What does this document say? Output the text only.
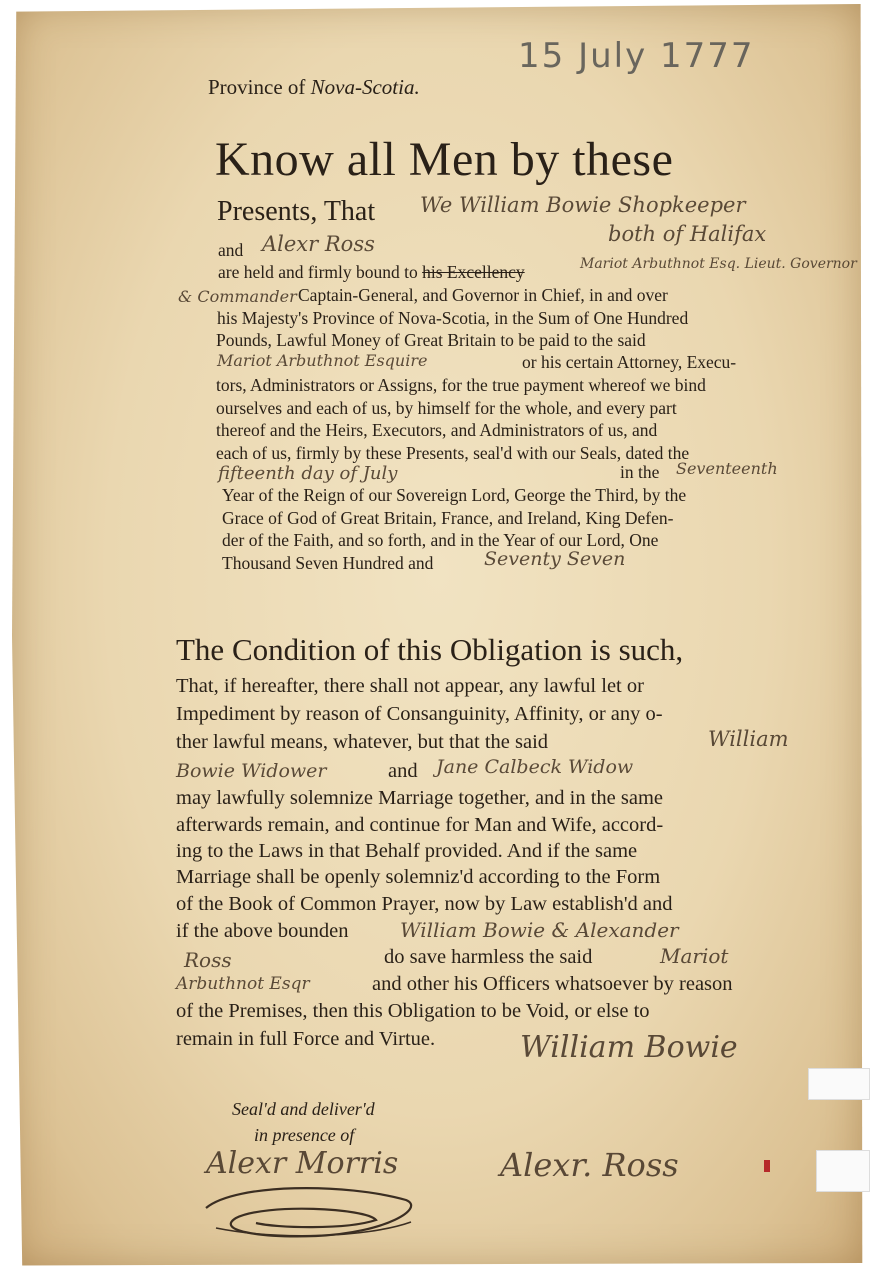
Province of Nova-Scotia.
15 July 1777
Know all Men by these
Presents, That We William Bowie Shopkeeper
and Alexr Ross	both of Halifax
are held and firmly bound to his Excellency	Mariot Arbuthnot Esq. Lieut. Governor
& Commander Captain-General, and Governor in Chief, in and over
his Majesty's Province of Nova-Scotia, in the Sum of One Hundred
Pounds, Lawful Money of Great Britain to be paid to the said
Mariot Arbuthnot Esquire	or his certain Attorney, Execu-
tors, Administrators or Assigns, for the true payment whereof we bind
ourselves and each of us, by himself for the whole, and every part
thereof and the Heirs, Executors, and Administrators of us, and
each of us, firmly by these Presents, seal'd with our Seals, dated the
fifteenth day of July	in the Seventeenth
Year of the Reign of our Sovereign Lord, George the Third, by the
Grace of God of Great Britain, France, and Ireland, King Defen-
der of the Faith, and so forth, and in the Year of our Lord, One
Thousand Seven Hundred and	Seventy Seven
The Condition of this Obligation is such,
That, if hereafter, there shall not appear, any lawful let or
Impediment by reason of Consanguinity, Affinity, or any o-
ther lawful means, whatever, but that the said	William
Bowie Widower	and Jane Calbeck Widow
may lawfully solemnize Marriage together, and in the same
afterwards remain, and continue for Man and Wife, accord-
ing to the Laws in that Behalf provided. And if the same
Marriage shall be openly solemniz'd according to the Form
of the Book of Common Prayer, now by Law establish'd and
if the above bounden	William Bowie & Alexander
Ross	do save harmless the said	Mariot
Arbuthnot Esqr	and other his Officers whatsoever by reason
of the Premises, then this Obligation to be Void, or else to
remain in full Force and Virtue.	William Bowie
Seal'd and deliver'd
in presence of
Alexr Morris	Alexr. Ross
